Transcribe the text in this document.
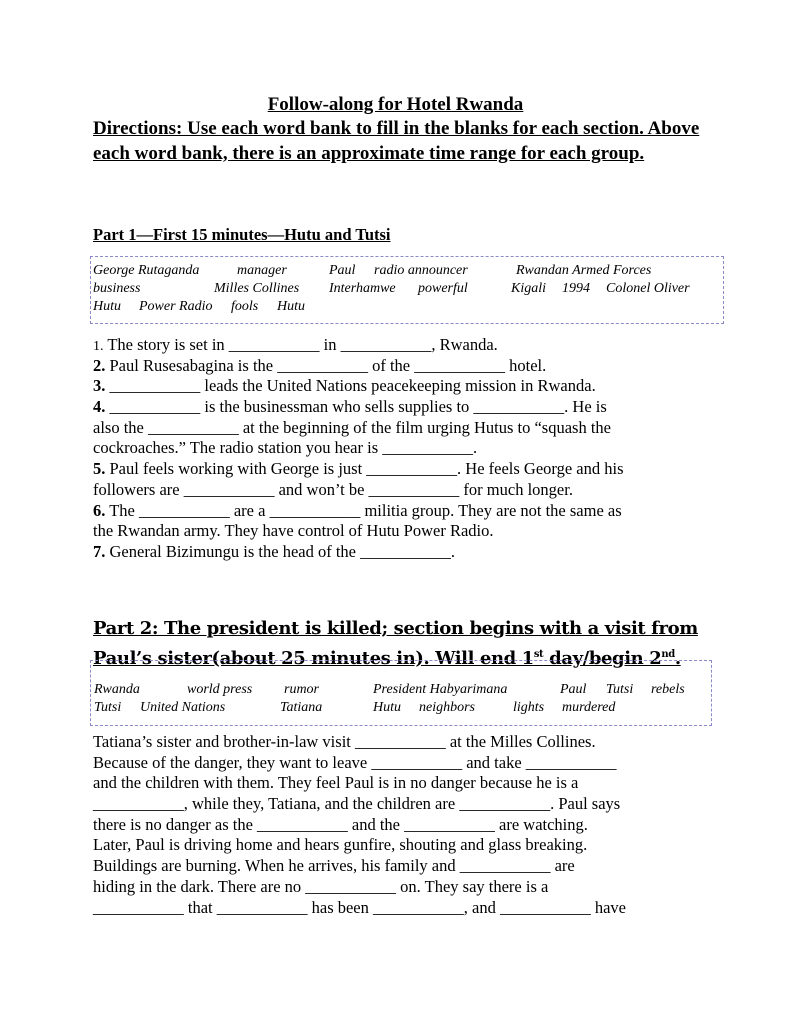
Follow-along for Hotel Rwanda
Directions: Use each word bank to fill in the blanks for each section. Above each word bank, there is an approximate time range for each group.
Part 1—First 15 minutes—Hutu and Tutsi
George Rutaganda	manager	Paul radio announcer	Rwandan Armed Forces
business	Milles Collines Interhamwe powerful	Kigali 1994 Colonel Oliver
Hutu Power Radio fools Hutu
1. The story is set in ___________ in ___________, Rwanda.
2. Paul Rusesabagina is the ___________ of the ___________ hotel.
3. ___________ leads the United Nations peacekeeping mission in Rwanda.
4. ___________ is the businessman who sells supplies to ___________. He is
also the ___________ at the beginning of the film urging Hutus to “squash the
cockroaches.” The radio station you hear is ___________.
5. Paul feels working with George is just ___________. He feels George and his
followers are ___________ and won’t be ___________ for much longer.
6. The ___________ are a ___________ militia group. They are not the same as
the Rwandan army. They have control of Hutu Power Radio.
7. General Bizimungu is the head of the ___________.
Part 2: The president is killed; section begins with a visit from Paul’s sister(about 25 minutes in). Will end 1st day/begin 2nd.
Rwanda	world press rumor	President Habyarimana	Paul Tutsi rebels
Tutsi United Nations	Tatiana	Hutu neighbors	lights murdered
Tatiana’s sister and brother-in-law visit ___________ at the Milles Collines.
Because of the danger, they want to leave ___________ and take ___________
and the children with them. They feel Paul is in no danger because he is a
___________, while they, Tatiana, and the children are ___________. Paul says
there is no danger as the ___________ and the ___________ are watching.
Later, Paul is driving home and hears gunfire, shouting and glass breaking.
Buildings are burning. When he arrives, his family and ___________ are
hiding in the dark. There are no ___________ on. They say there is a
___________ that ___________ has been ___________, and ___________ have
